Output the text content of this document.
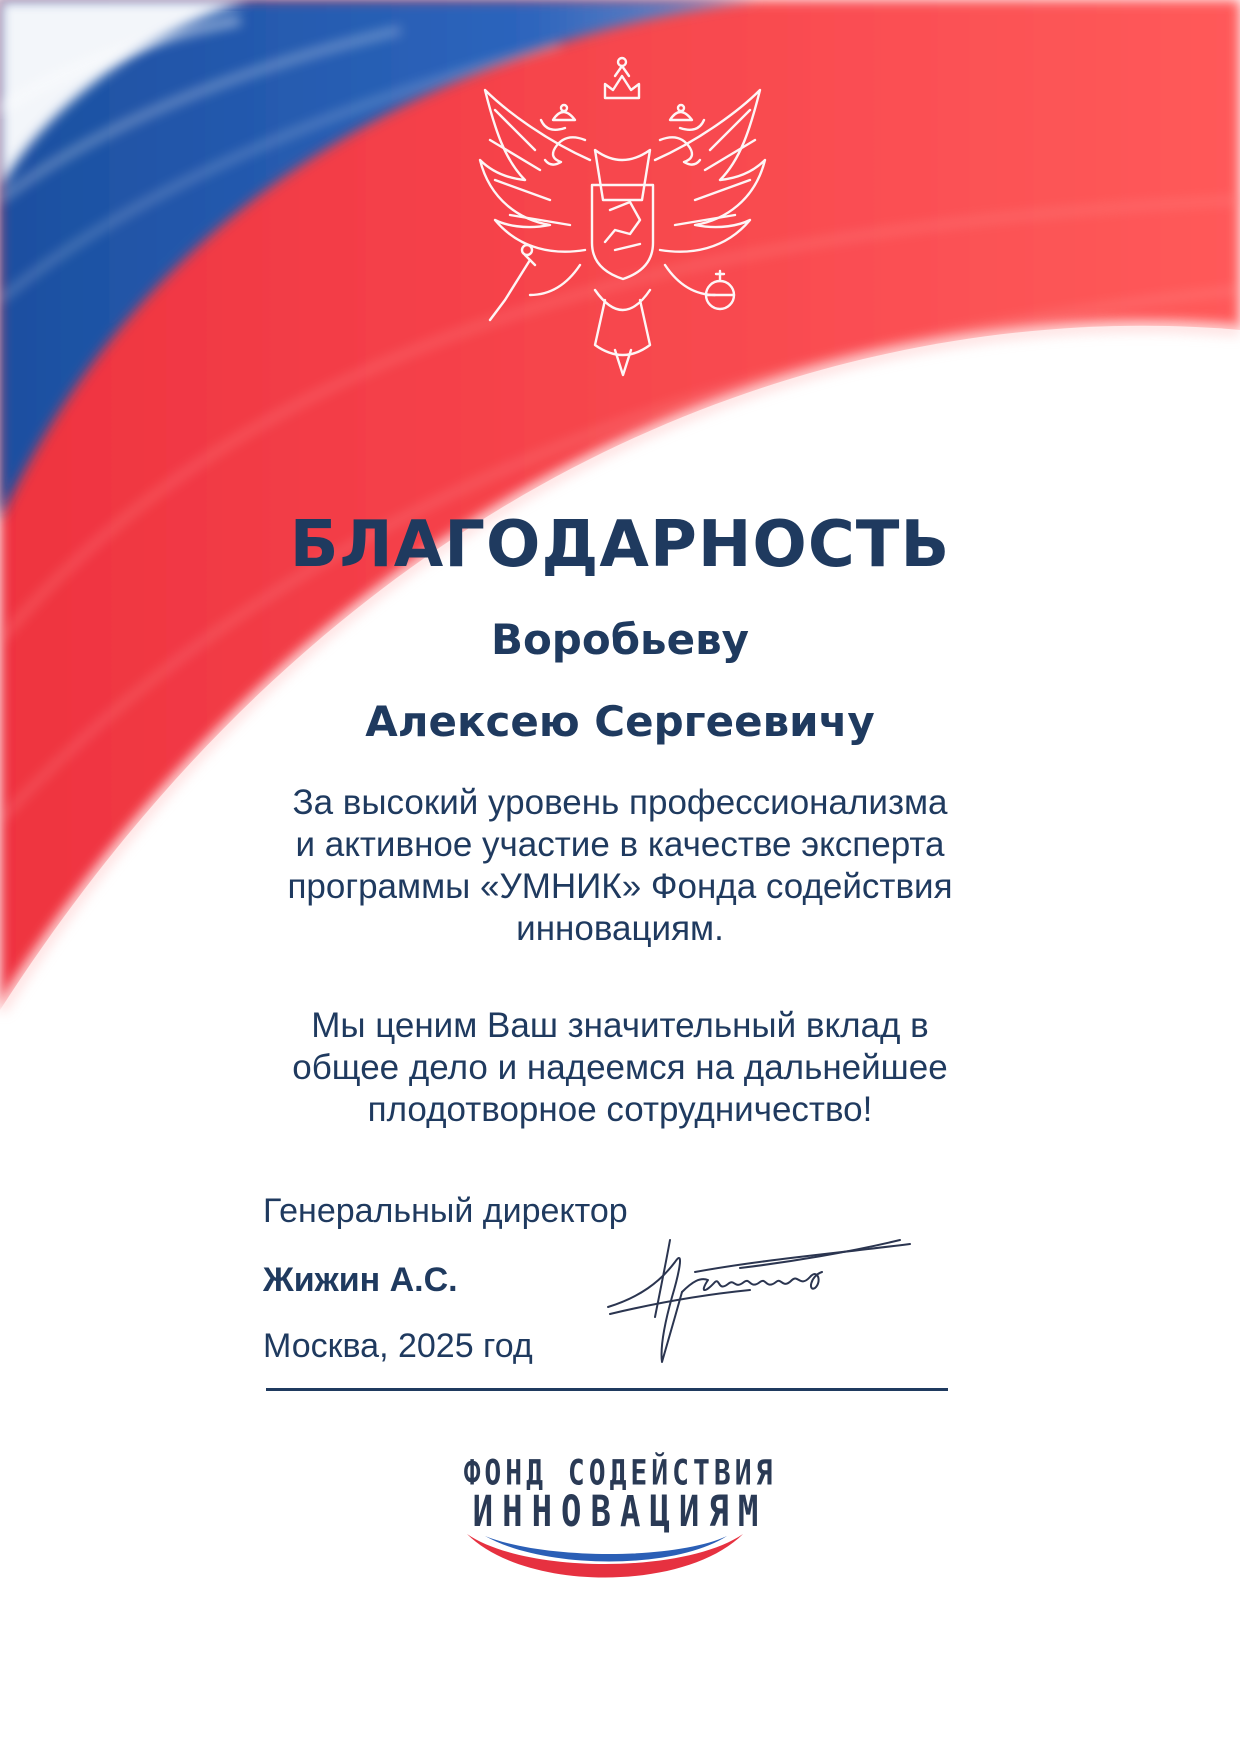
БЛАГОДАРНОСТЬ
Воробьеву
Алексею Сергеевичу
За высокий уровень профессионализма
и активное участие в качестве эксперта
программы «УМНИК» Фонда содействия
инновациям.
Мы ценим Ваш значительный вклад в
общее дело и надеемся на дальнейшее
плодотворное сотрудничество!
Генеральный директор
Жижин А.С.
Москва, 2025 год
ФОНД СОДЕЙСТВИЯ
ИННОВАЦИЯМ
